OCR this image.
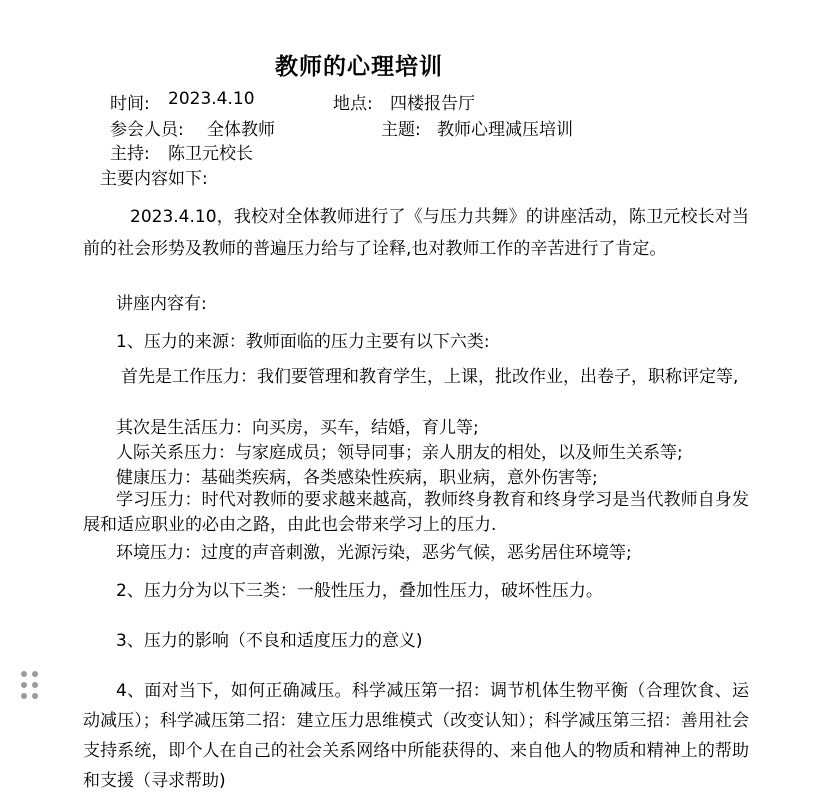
教师的心理培训
时间: 2023.4.10	地点: 四楼报告厅
参会人员: 全体教师	主题: 教师心理减压培训
主持: 陈卫元校长
主要内容如下:
2023.4.10，我校对全体教师进行了《与压力共舞》的讲座活动，陈卫元校长对当前的社会形势及教师的普遍压力给与了诠释,也对教师工作的辛苦进行了肯定。
讲座内容有:
1、压力的来源：教师面临的压力主要有以下六类:
首先是工作压力：我们要管理和教育学生，上课，批改作业，出卷子，职称评定等,
其次是生活压力：向买房，买车，结婚，育儿等;
人际关系压力：与家庭成员；领导同事；亲人朋友的相处，以及师生关系等;
健康压力：基础类疾病，各类感染性疾病，职业病，意外伤害等;
学习压力：时代对教师的要求越来越高，教师终身教育和终身学习是当代教师自身发展和适应职业的必由之路，由此也会带来学习上的压力.
环境压力：过度的声音刺激，光源污染，恶劣气候，恶劣居住环境等;
2、压力分为以下三类：一般性压力，叠加性压力，破坏性压力。
3、压力的影响（不良和适度压力的意义)
4、面对当下，如何正确减压。科学减压第一招：调节机体生物平衡（合理饮食、运动减压）；科学减压第二招：建立压力思维模式（改变认知）；科学减压第三招：善用社会支持系统，即个人在自己的社会关系网络中所能获得的、来自他人的物质和精神上的帮助和支援（寻求帮助)
